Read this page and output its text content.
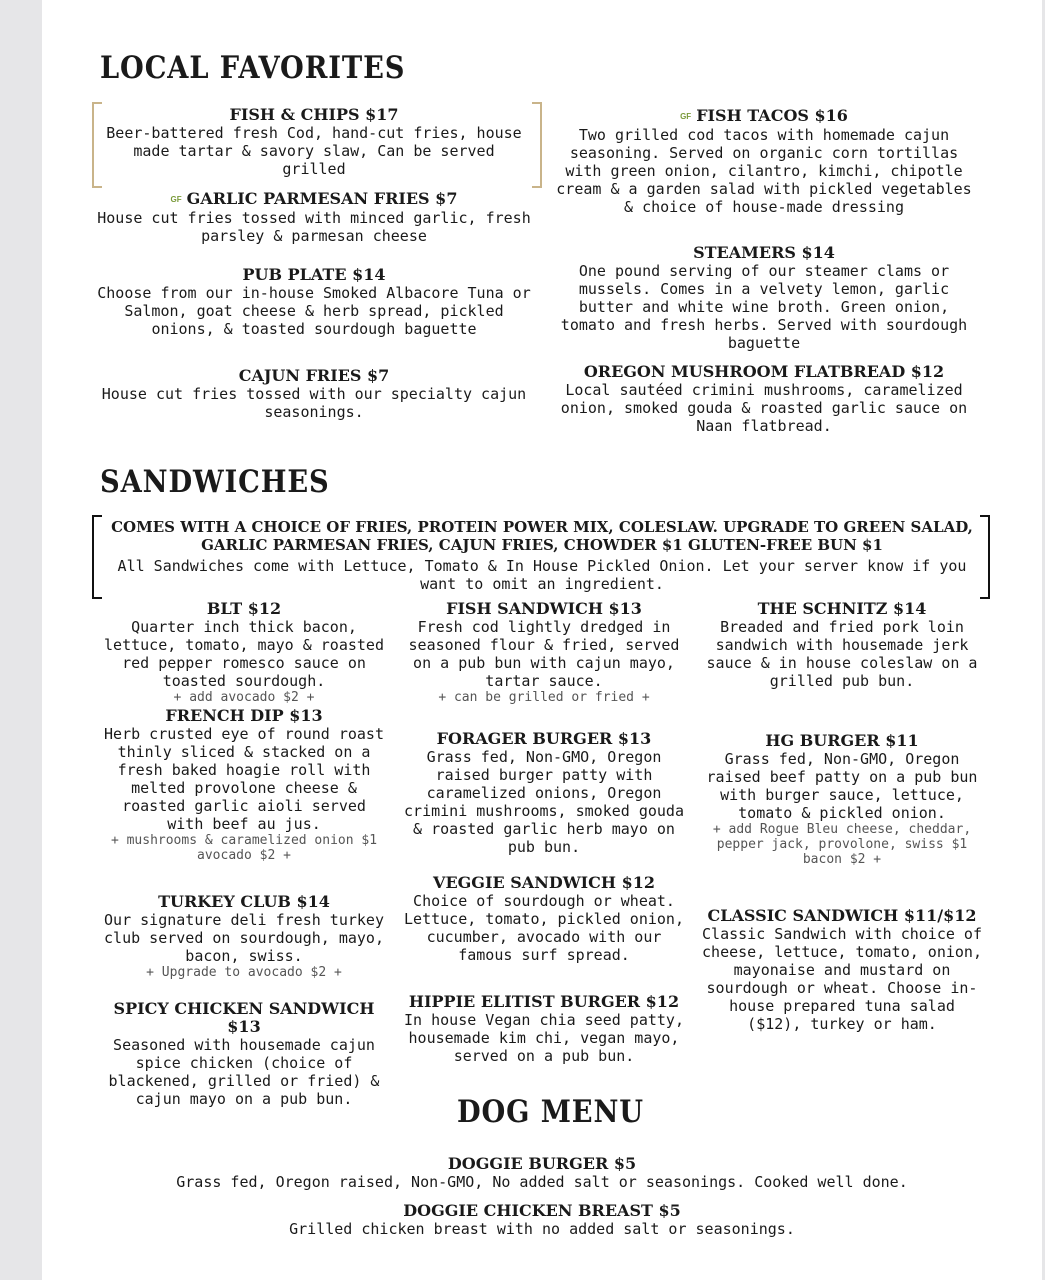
LOCAL FAVORITES
FISH & CHIPS $17
Beer-battered fresh Cod, hand-cut fries, house made tartar & savory slaw, Can be served grilled
GF GARLIC PARMESAN FRIES $7
House cut fries tossed with minced garlic, fresh parsley & parmesan cheese
PUB PLATE $14
Choose from our in-house Smoked Albacore Tuna or Salmon, goat cheese & herb spread, pickled onions, & toasted sourdough baguette
CAJUN FRIES $7
House cut fries tossed with our specialty cajun seasonings.
GF FISH TACOS $16
Two grilled cod tacos with homemade cajun seasoning. Served on organic corn tortillas with green onion, cilantro, kimchi, chipotle cream & a garden salad with pickled vegetables & choice of house-made dressing
STEAMERS $14
One pound serving of our steamer clams or mussels. Comes in a velvety lemon, garlic butter and white wine broth. Green onion, tomato and fresh herbs. Served with sourdough baguette
OREGON MUSHROOM FLATBREAD $12
Local sautéed crimini mushrooms, caramelized onion, smoked gouda & roasted garlic sauce on Naan flatbread.
SANDWICHES
COMES WITH A CHOICE OF FRIES, PROTEIN POWER MIX, COLESLAW. UPGRADE TO GREEN SALAD, GARLIC PARMESAN FRIES, CAJUN FRIES, CHOWDER $1 GLUTEN-FREE BUN $1
All Sandwiches come with Lettuce, Tomato & In House Pickled Onion. Let your server know if you want to omit an ingredient.
BLT $12
Quarter inch thick bacon, lettuce, tomato, mayo & roasted red pepper romesco sauce on toasted sourdough.
+ add avocado $2 +
FRENCH DIP $13
Herb crusted eye of round roast thinly sliced & stacked on a fresh baked hoagie roll with melted provolone cheese & roasted garlic aioli served with beef au jus.
+ mushrooms & caramelized onion $1 avocado $2 +
TURKEY CLUB $14
Our signature deli fresh turkey club served on sourdough, mayo, bacon, swiss.
+ Upgrade to avocado $2 +
SPICY CHICKEN SANDWICH $13
Seasoned with housemade cajun spice chicken (choice of blackened, grilled or fried) & cajun mayo on a pub bun.
FISH SANDWICH $13
Fresh cod lightly dredged in seasoned flour & fried, served on a pub bun with cajun mayo, tartar sauce.
+ can be grilled or fried +
FORAGER BURGER $13
Grass fed, Non-GMO, Oregon raised burger patty with caramelized onions, Oregon crimini mushrooms, smoked gouda & roasted garlic herb mayo on pub bun.
VEGGIE SANDWICH $12
Choice of sourdough or wheat. Lettuce, tomato, pickled onion, cucumber, avocado with our famous surf spread.
HIPPIE ELITIST BURGER $12
In house Vegan chia seed patty, housemade kim chi, vegan mayo, served on a pub bun.
THE SCHNITZ $14
Breaded and fried pork loin sandwich with housemade jerk sauce & in house coleslaw on a grilled pub bun.
HG BURGER $11
Grass fed, Non-GMO, Oregon raised beef patty on a pub bun with burger sauce, lettuce, tomato & pickled onion.
+ add Rogue Bleu cheese, cheddar, pepper jack, provolone, swiss $1 bacon $2 +
CLASSIC SANDWICH $11/$12
Classic Sandwich with choice of cheese, lettuce, tomato, onion, mayonaise and mustard on sourdough or wheat. Choose in-house prepared tuna salad ($12), turkey or ham.
DOG MENU
DOGGIE BURGER $5
Grass fed, Oregon raised, Non-GMO, No added salt or seasonings. Cooked well done.
DOGGIE CHICKEN BREAST $5
Grilled chicken breast with no added salt or seasonings.
